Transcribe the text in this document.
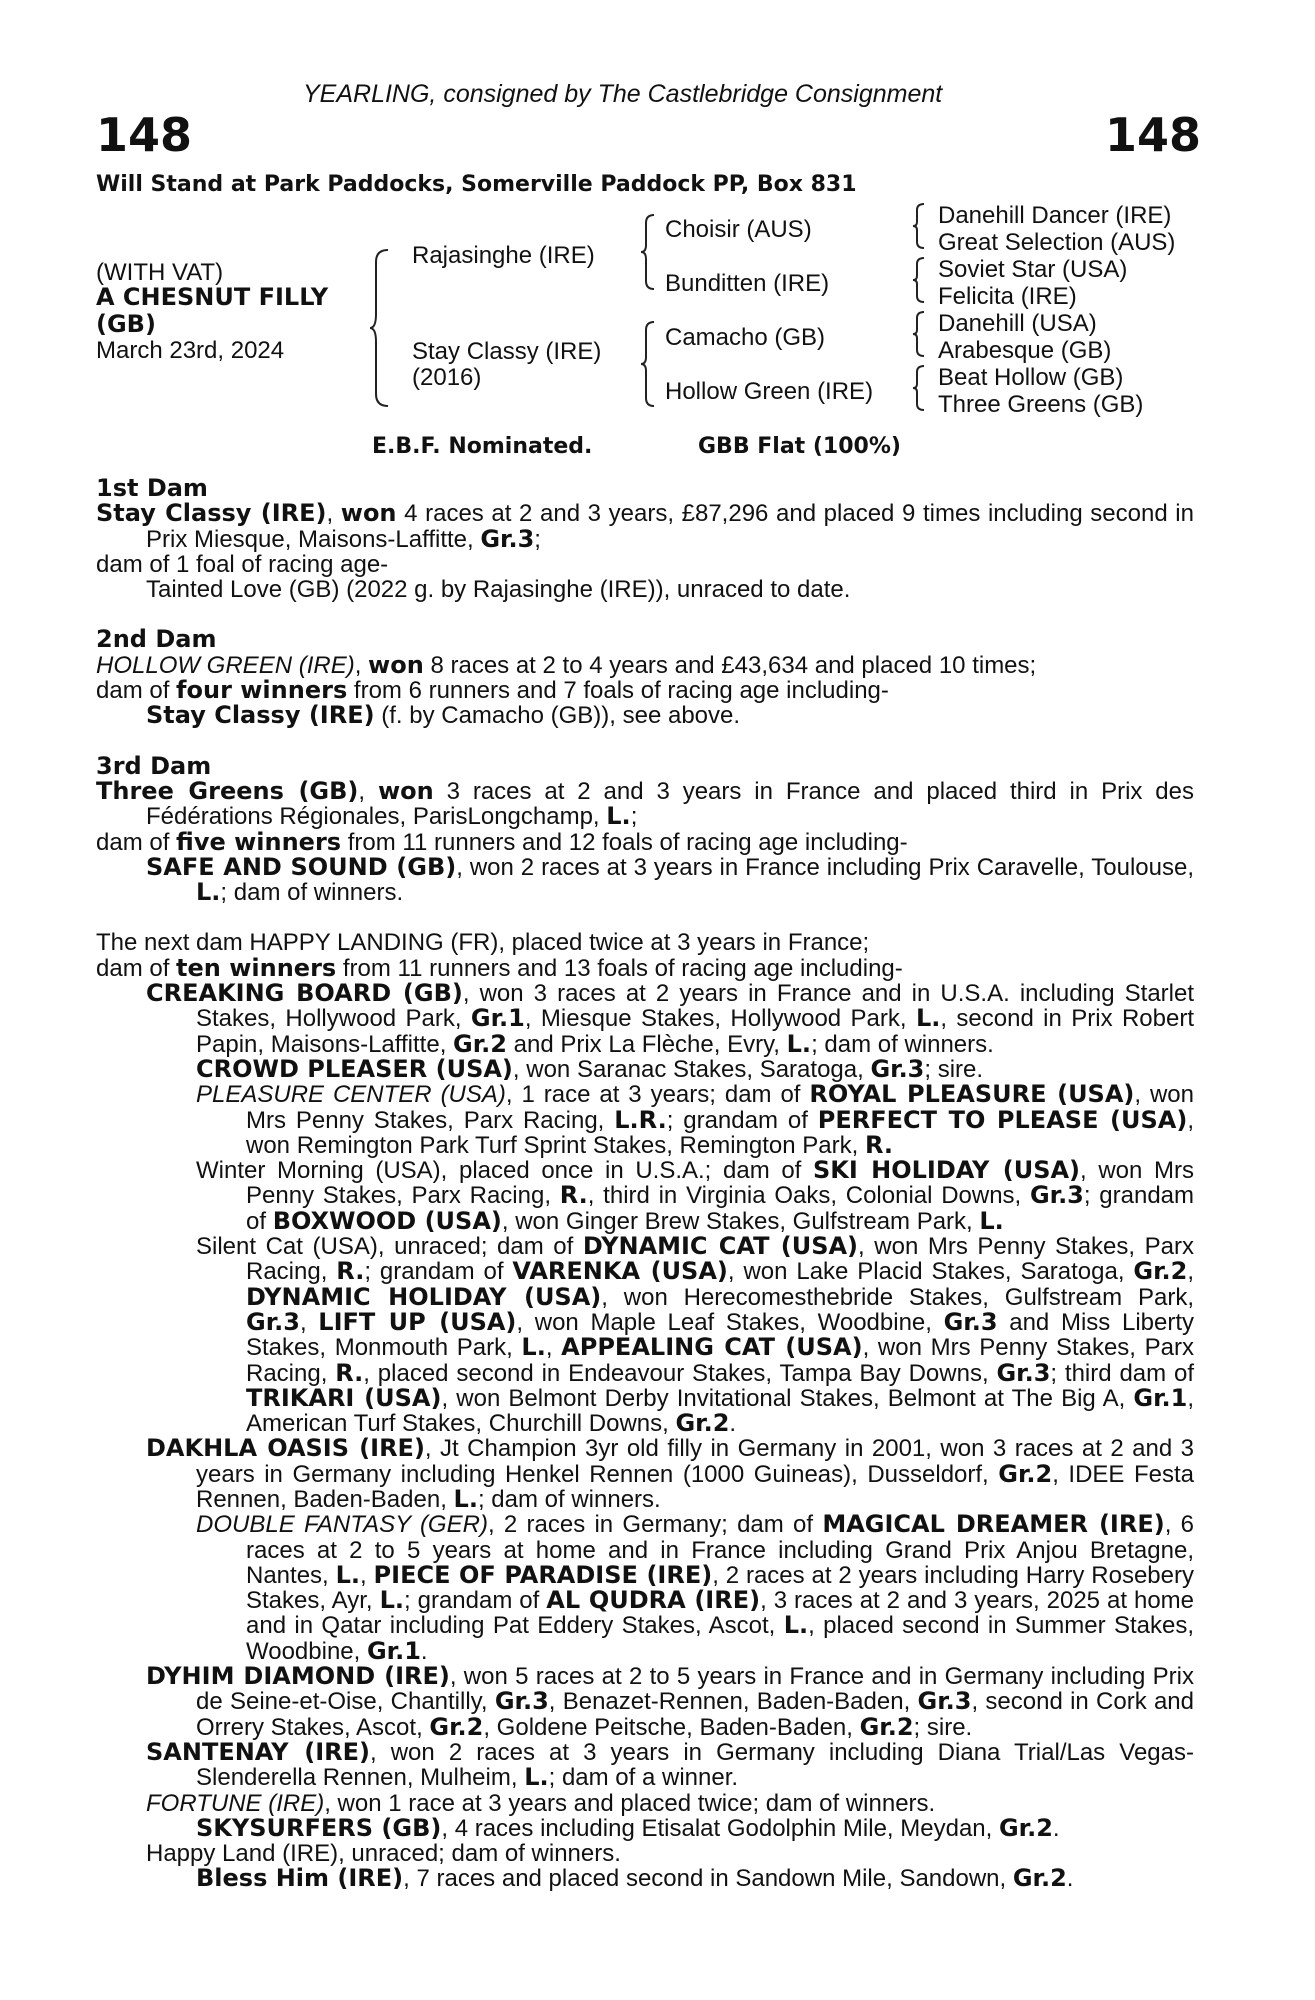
YEARLING, consigned by The Castlebridge Consignment
148	148
Will Stand at Park Paddocks, Somerville Paddock PP, Box 831
(WITH VAT)
A CHESNUT FILLY
(GB)
March 23rd, 2024
Rajasinghe (IRE)
Stay Classy (IRE)
(2016)
Choisir (AUS)
Bunditten (IRE)
Camacho (GB)
Hollow Green (IRE)
Danehill Dancer (IRE)
Great Selection (AUS)
Soviet Star (USA)
Felicita (IRE)
Danehill (USA)
Arabesque (GB)
Beat Hollow (GB)
Three Greens (GB)
E.B.F. Nominated.	GBB Flat (100%)

1st Dam

Stay Classy (IRE), won 4 races at 2 and 3 years, £87,296 and placed 9 times including second in Prix Miesque, Maisons-Laffitte, Gr.3;

dam of 1 foal of racing age-

Tainted Love (GB) (2022 g. by Rajasinghe (IRE)), unraced to date.

2nd Dam

HOLLOW GREEN (IRE), won 8 races at 2 to 4 years and £43,634 and placed 10 times;

dam of four winners from 6 runners and 7 foals of racing age including-

Stay Classy (IRE) (f. by Camacho (GB)), see above.

3rd Dam

Three Greens (GB), won 3 races at 2 and 3 years in France and placed third in Prix des Fédérations Régionales, ParisLongchamp, L.;

dam of five winners from 11 runners and 12 foals of racing age including-

SAFE AND SOUND (GB), won 2 races at 3 years in France including Prix Caravelle, Toulouse, L.; dam of winners.

The next dam HAPPY LANDING (FR), placed twice at 3 years in France;

dam of ten winners from 11 runners and 13 foals of racing age including-

CREAKING BOARD (GB), won 3 races at 2 years in France and in U.S.A. including Starlet Stakes, Hollywood Park, Gr.1, Miesque Stakes, Hollywood Park, L., second in Prix Robert Papin, Maisons-Laffitte, Gr.2 and Prix La Flèche, Evry, L.; dam of winners.

CROWD PLEASER (USA), won Saranac Stakes, Saratoga, Gr.3; sire.

PLEASURE CENTER (USA), 1 race at 3 years; dam of ROYAL PLEASURE (USA), won Mrs Penny Stakes, Parx Racing, L.R.; grandam of PERFECT TO PLEASE (USA), won Remington Park Turf Sprint Stakes, Remington Park, R.

Winter Morning (USA), placed once in U.S.A.; dam of SKI HOLIDAY (USA), won Mrs Penny Stakes, Parx Racing, R., third in Virginia Oaks, Colonial Downs, Gr.3; grandam of BOXWOOD (USA), won Ginger Brew Stakes, Gulfstream Park, L.

Silent Cat (USA), unraced; dam of DYNAMIC CAT (USA), won Mrs Penny Stakes, Parx Racing, R.; grandam of VARENKA (USA), won Lake Placid Stakes, Saratoga, Gr.2, DYNAMIC HOLIDAY (USA), won Herecomesthebride Stakes, Gulfstream Park, Gr.3, LIFT UP (USA), won Maple Leaf Stakes, Woodbine, Gr.3 and Miss Liberty Stakes, Monmouth Park, L., APPEALING CAT (USA), won Mrs Penny Stakes, Parx Racing, R., placed second in Endeavour Stakes, Tampa Bay Downs, Gr.3; third dam of TRIKARI (USA), won Belmont Derby Invitational Stakes, Belmont at The Big A, Gr.1, American Turf Stakes, Churchill Downs, Gr.2.

DAKHLA OASIS (IRE), Jt Champion 3yr old filly in Germany in 2001, won 3 races at 2 and 3 years in Germany including Henkel Rennen (1000 Guineas), Dusseldorf, Gr.2, IDEE Festa Rennen, Baden-Baden, L.; dam of winners.

DOUBLE FANTASY (GER), 2 races in Germany; dam of MAGICAL DREAMER (IRE), 6 races at 2 to 5 years at home and in France including Grand Prix Anjou Bretagne, Nantes, L., PIECE OF PARADISE (IRE), 2 races at 2 years including Harry Rosebery Stakes, Ayr, L.; grandam of AL QUDRA (IRE), 3 races at 2 and 3 years, 2025 at home and in Qatar including Pat Eddery Stakes, Ascot, L., placed second in Summer Stakes, Woodbine, Gr.1.

DYHIM DIAMOND (IRE), won 5 races at 2 to 5 years in France and in Germany including Prix de Seine-et-Oise, Chantilly, Gr.3, Benazet-Rennen, Baden-Baden, Gr.3, second in Cork and Orrery Stakes, Ascot, Gr.2, Goldene Peitsche, Baden-Baden, Gr.2; sire.

SANTENAY (IRE), won 2 races at 3 years in Germany including Diana Trial/Las Vegas-Slenderella Rennen, Mulheim, L.; dam of a winner.

FORTUNE (IRE), won 1 race at 3 years and placed twice; dam of winners.

SKYSURFERS (GB), 4 races including Etisalat Godolphin Mile, Meydan, Gr.2.

Happy Land (IRE), unraced; dam of winners.

Bless Him (IRE), 7 races and placed second in Sandown Mile, Sandown, Gr.2.
